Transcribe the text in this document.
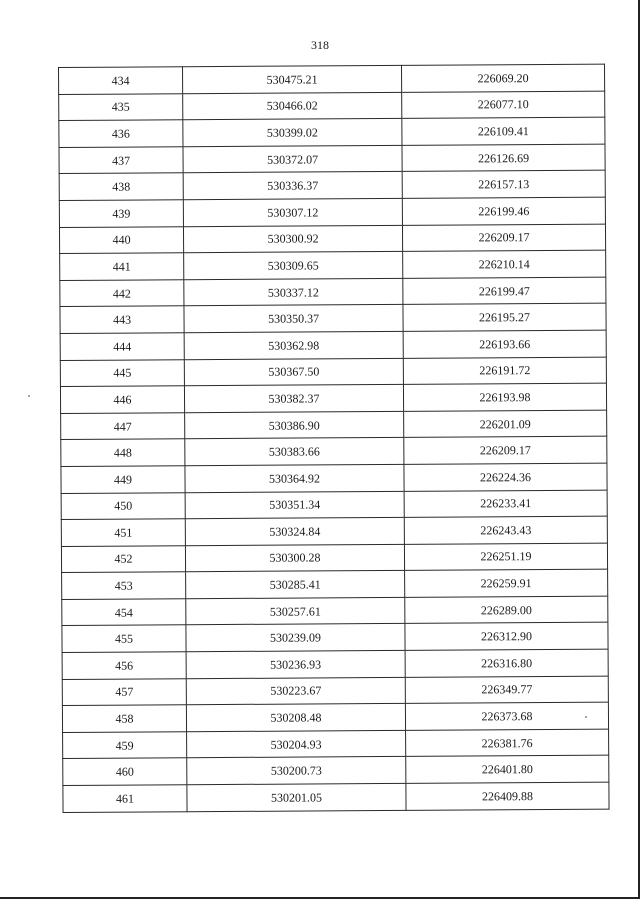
318
434	530475.21	226069.20
435	530466.02	226077.10
436	530399.02	226109.41
437	530372.07	226126.69
438	530336.37	226157.13
439	530307.12	226199.46
440	530300.92	226209.17
441	530309.65	226210.14
442	530337.12	226199.47
443	530350.37	226195.27
444	530362.98	226193.66
445	530367.50	226191.72
446	530382.37	226193.98
447	530386.90	226201.09
448	530383.66	226209.17
449	530364.92	226224.36
450	530351.34	226233.41
451	530324.84	226243.43
452	530300.28	226251.19
453	530285.41	226259.91
454	530257.61	226289.00
455	530239.09	226312.90
456	530236.93	226316.80
457	530223.67	226349.77
458	530208.48	226373.68
459	530204.93	226381.76
460	530200.73	226401.80
461	530201.05	226409.88
